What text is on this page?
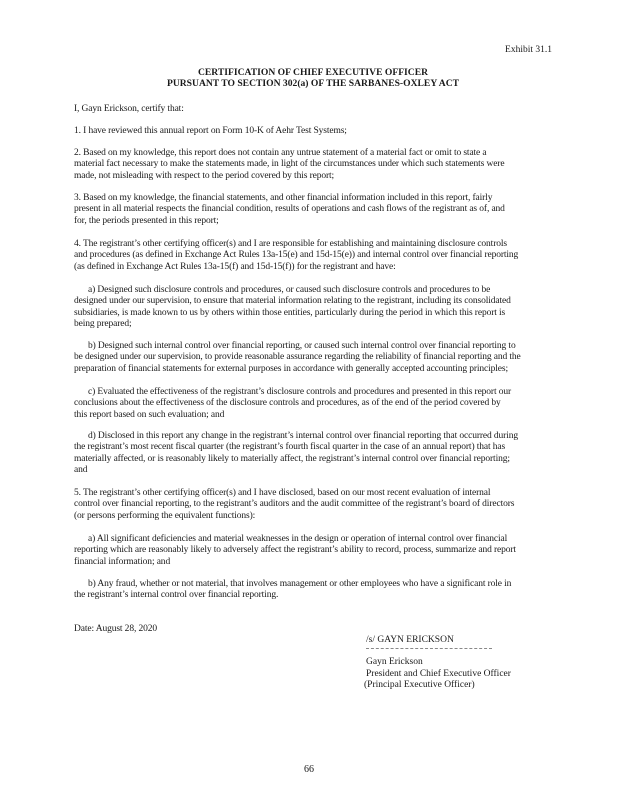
Exhibit 31.1
CERTIFICATION OF CHIEF EXECUTIVE OFFICER
PURSUANT TO SECTION 302(a) OF THE SARBANES-OXLEY ACT
I, Gayn Erickson, certify that:
1. I have reviewed this annual report on Form 10-K of Aehr Test Systems;
2. Based on my knowledge, this report does not contain any untrue statement of a material fact or omit to state a
material fact necessary to make the statements made, in light of the circumstances under which such statements were
made, not misleading with respect to the period covered by this report;
3. Based on my knowledge, the financial statements, and other financial information included in this report, fairly
present in all material respects the financial condition, results of operations and cash flows of the registrant as of, and
for, the periods presented in this report;
4. The registrant’s other certifying officer(s) and I are responsible for establishing and maintaining disclosure controls
and procedures (as defined in Exchange Act Rules 13a-15(e) and 15d-15(e)) and internal control over financial reporting
(as defined in Exchange Act Rules 13a-15(f) and 15d-15(f)) for the registrant and have:
a) Designed such disclosure controls and procedures, or caused such disclosure controls and procedures to be
designed under our supervision, to ensure that material information relating to the registrant, including its consolidated
subsidiaries, is made known to us by others within those entities, particularly during the period in which this report is
being prepared;
b) Designed such internal control over financial reporting, or caused such internal control over financial reporting to
be designed under our supervision, to provide reasonable assurance regarding the reliability of financial reporting and the
preparation of financial statements for external purposes in accordance with generally accepted accounting principles;
c) Evaluated the effectiveness of the registrant’s disclosure controls and procedures and presented in this report our
conclusions about the effectiveness of the disclosure controls and procedures, as of the end of the period covered by
this report based on such evaluation; and
d) Disclosed in this report any change in the registrant’s internal control over financial reporting that occurred during
the registrant’s most recent fiscal quarter (the registrant’s fourth fiscal quarter in the case of an annual report) that has
materially affected, or is reasonably likely to materially affect, the registrant’s internal control over financial reporting;
and
5. The registrant’s other certifying officer(s) and I have disclosed, based on our most recent evaluation of internal
control over financial reporting, to the registrant’s auditors and the audit committee of the registrant’s board of directors
(or persons performing the equivalent functions):
a) All significant deficiencies and material weaknesses in the design or operation of internal control over financial
reporting which are reasonably likely to adversely affect the registrant’s ability to record, process, summarize and report
financial information; and
b) Any fraud, whether or not material, that involves management or other employees who have a significant role in
the registrant’s internal control over financial reporting.
Date: August 28, 2020
/s/ GAYN ERICKSON
Gayn Erickson
President and Chief Executive Officer
(Principal Executive Officer)
66
